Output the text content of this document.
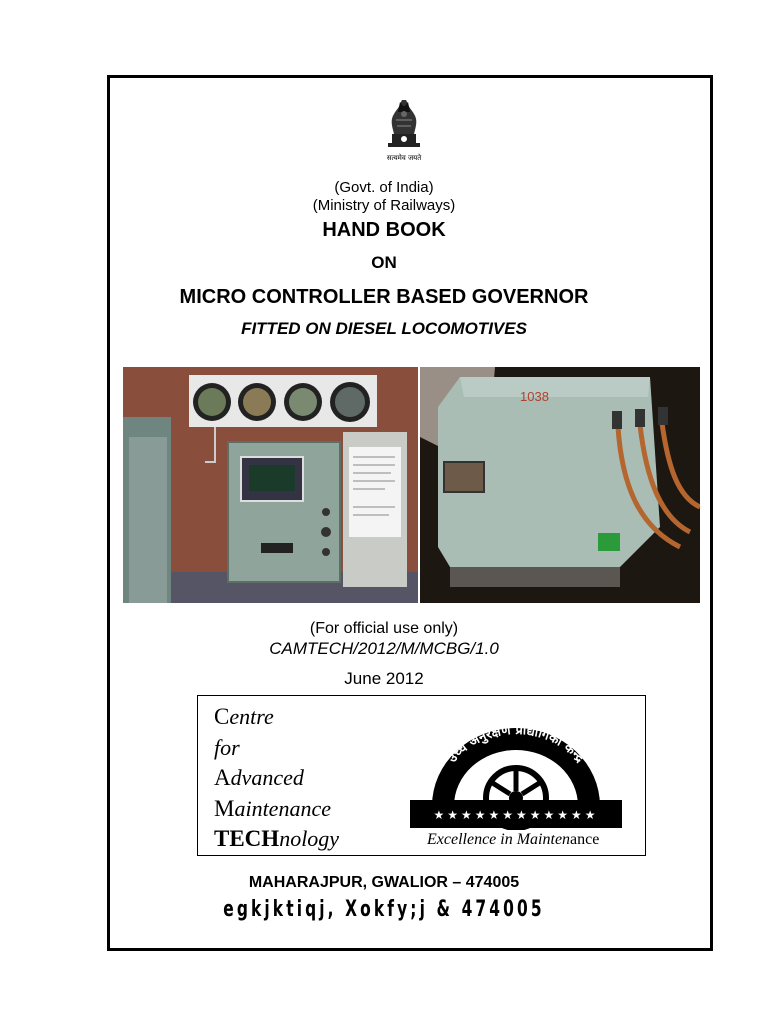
सत्यमेव जयते
(Govt. of India)
(Ministry of Railways)
HAND BOOK
ON
MICRO CONTROLLER BASED GOVERNOR
FITTED ON DIESEL LOCOMOTIVES
1038
(For official use only)
CAMTECH/2012/M/MCBG/1.0
June 2012
Centre
for
Advanced
Maintenance
TECHnology
उच्च अनुरक्षण प्रौद्योगिकी केन्द्र
★★★★★★★★★★★★
Excellence in Maintenance
MAHARAJPUR, GWALIOR – 474005
egkjktiqj, Xokfy;j & 474005
